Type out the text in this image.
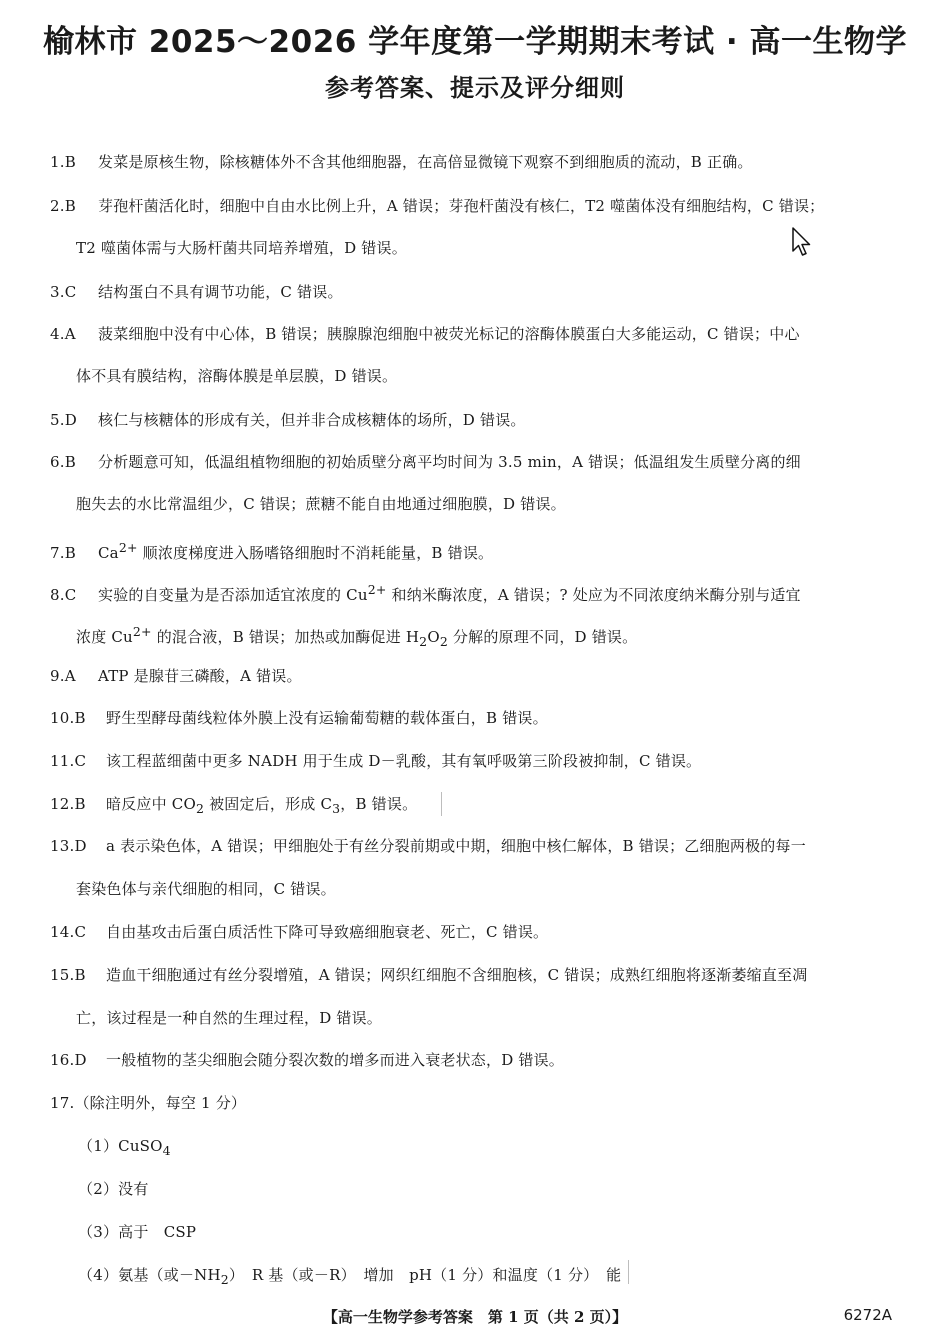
榆林市 2025～2026 学年度第一学期期末考试 · 高一生物学
参考答案、提示及评分细则
1.B 发菜是原核生物，除核糖体外不含其他细胞器，在高倍显微镜下观察不到细胞质的流动，B 正确。
2.B 芽孢杆菌活化时，细胞中自由水比例上升，A 错误；芽孢杆菌没有核仁，T2 噬菌体没有细胞结构，C 错误；
T2 噬菌体需与大肠杆菌共同培养增殖，D 错误。
3.C 结构蛋白不具有调节功能，C 错误。
4.A 菠菜细胞中没有中心体，B 错误；胰腺腺泡细胞中被荧光标记的溶酶体膜蛋白大多能运动，C 错误；中心
体不具有膜结构，溶酶体膜是单层膜，D 错误。
5.D 核仁与核糖体的形成有关，但并非合成核糖体的场所，D 错误。
6.B 分析题意可知，低温组植物细胞的初始质壁分离平均时间为 3.5 min，A 错误；低温组发生质壁分离的细
胞失去的水比常温组少，C 错误；蔗糖不能自由地通过细胞膜，D 错误。
7.B $Ca^{2+}$ 顺浓度梯度进入肠嗜铬细胞时不消耗能量，B 错误。
8.C 实验的自变量为是否添加适宜浓度的 $Cu^{2+}$ 和纳米酶浓度，A 错误；? 处应为不同浓度纳米酶分别与适宜
浓度 $Cu^{2+}$ 的混合液，B 错误；加热或加酶促进 $H_2O_2$ 分解的原理不同，D 错误。
9.A ATP 是腺苷三磷酸，A 错误。
10.B 野生型酵母菌线粒体外膜上没有运输葡萄糖的载体蛋白，B 错误。
11.C 该工程蓝细菌中更多 NADH 用于生成 D－乳酸，其有氧呼吸第三阶段被抑制，C 错误。
12.B 暗反应中 $CO_2$ 被固定后，形成 $C_3$，B 错误。
13.D a 表示染色体，A 错误；甲细胞处于有丝分裂前期或中期，细胞中核仁解体，B 错误；乙细胞两极的每一
套染色体与亲代细胞的相同，C 错误。
14.C 自由基攻击后蛋白质活性下降可导致癌细胞衰老、死亡，C 错误。
15.B 造血干细胞通过有丝分裂增殖，A 错误；网织红细胞不含细胞核，C 错误；成熟红细胞将逐渐萎缩直至凋
亡，该过程是一种自然的生理过程，D 错误。
16.D 一般植物的茎尖细胞会随分裂次数的增多而进入衰老状态，D 错误。
17.（除注明外，每空 1 分）
（1）CuSO$_4$
（2）没有
（3）高于　CSP
（4）氨基（或$-NH_2$）　R 基（或－R）　增加　pH（1 分）和温度（1 分）　能
【高一生物学参考答案　第 1 页（共 2 页）】	6272A
